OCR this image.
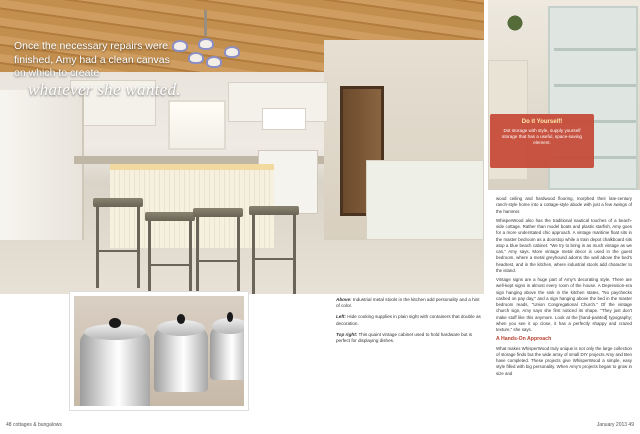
Once the necessary repairs were finished, Amy had a clean canvas on which to create
whatever she wanted.

Above: Industrial metal stools in the kitchen add personality and a hint of color.

Left: Hide cooking supplies in plain sight with containers that double as decoration.

Top right: This quaint vintage cabinet used to hold hardware but is perfect for displaying dishes.

48 cottages & bungalows
Do it Yourself!
Dot storage with style, supply yourself storage that has a useful, space-saving element.

wood ceiling and hardwood flooring, morphed their late-century ranch-style home into a cottage-style abode with just a few swings of the hammer.

WhisperWood also has the traditional nautical touches of a beach-side cottage. Rather than model boats and plastic starfish, Amy goes for a more understated chic approach. A vintage maritime float sits in the master bedroom as a doorstop while a train depot chalkboard sits atop a blue beach cabinet. "We try to bring in as much vintage as we can," Amy says. More vintage metal decor is used in the guest bedroom, where a metal greyhound adorns the wall above the bed's headrest, and in the kitchen, where industrial stools add character to the island.

Vintage signs are a huge part of Amy's decorating style. There are well-kept signs in almost every room of the house. A Depression-era sign hanging above the sink in the kitchen states, "No paychecks cashed on pay day," and a sign hanging above the bed in the master bedroom reads, "Union Congregational Church." Of the vintage church sign, Amy says she first noticed its shape. "They just don't make stuff like this anymore. Look at the [hand-painted] typography; when you see it up close, it has a perfectly shappy and crazed texture," she says.

A Hands-On Approach

What makes WhisperWood truly unique is not only the large collection of storage finds but the wide array of small DIY projects Amy and Ben have completed. These projects give WhisperWood a simple, easy style filled with big personality. When Amy's projects began to grow in size and

January 2013 49
